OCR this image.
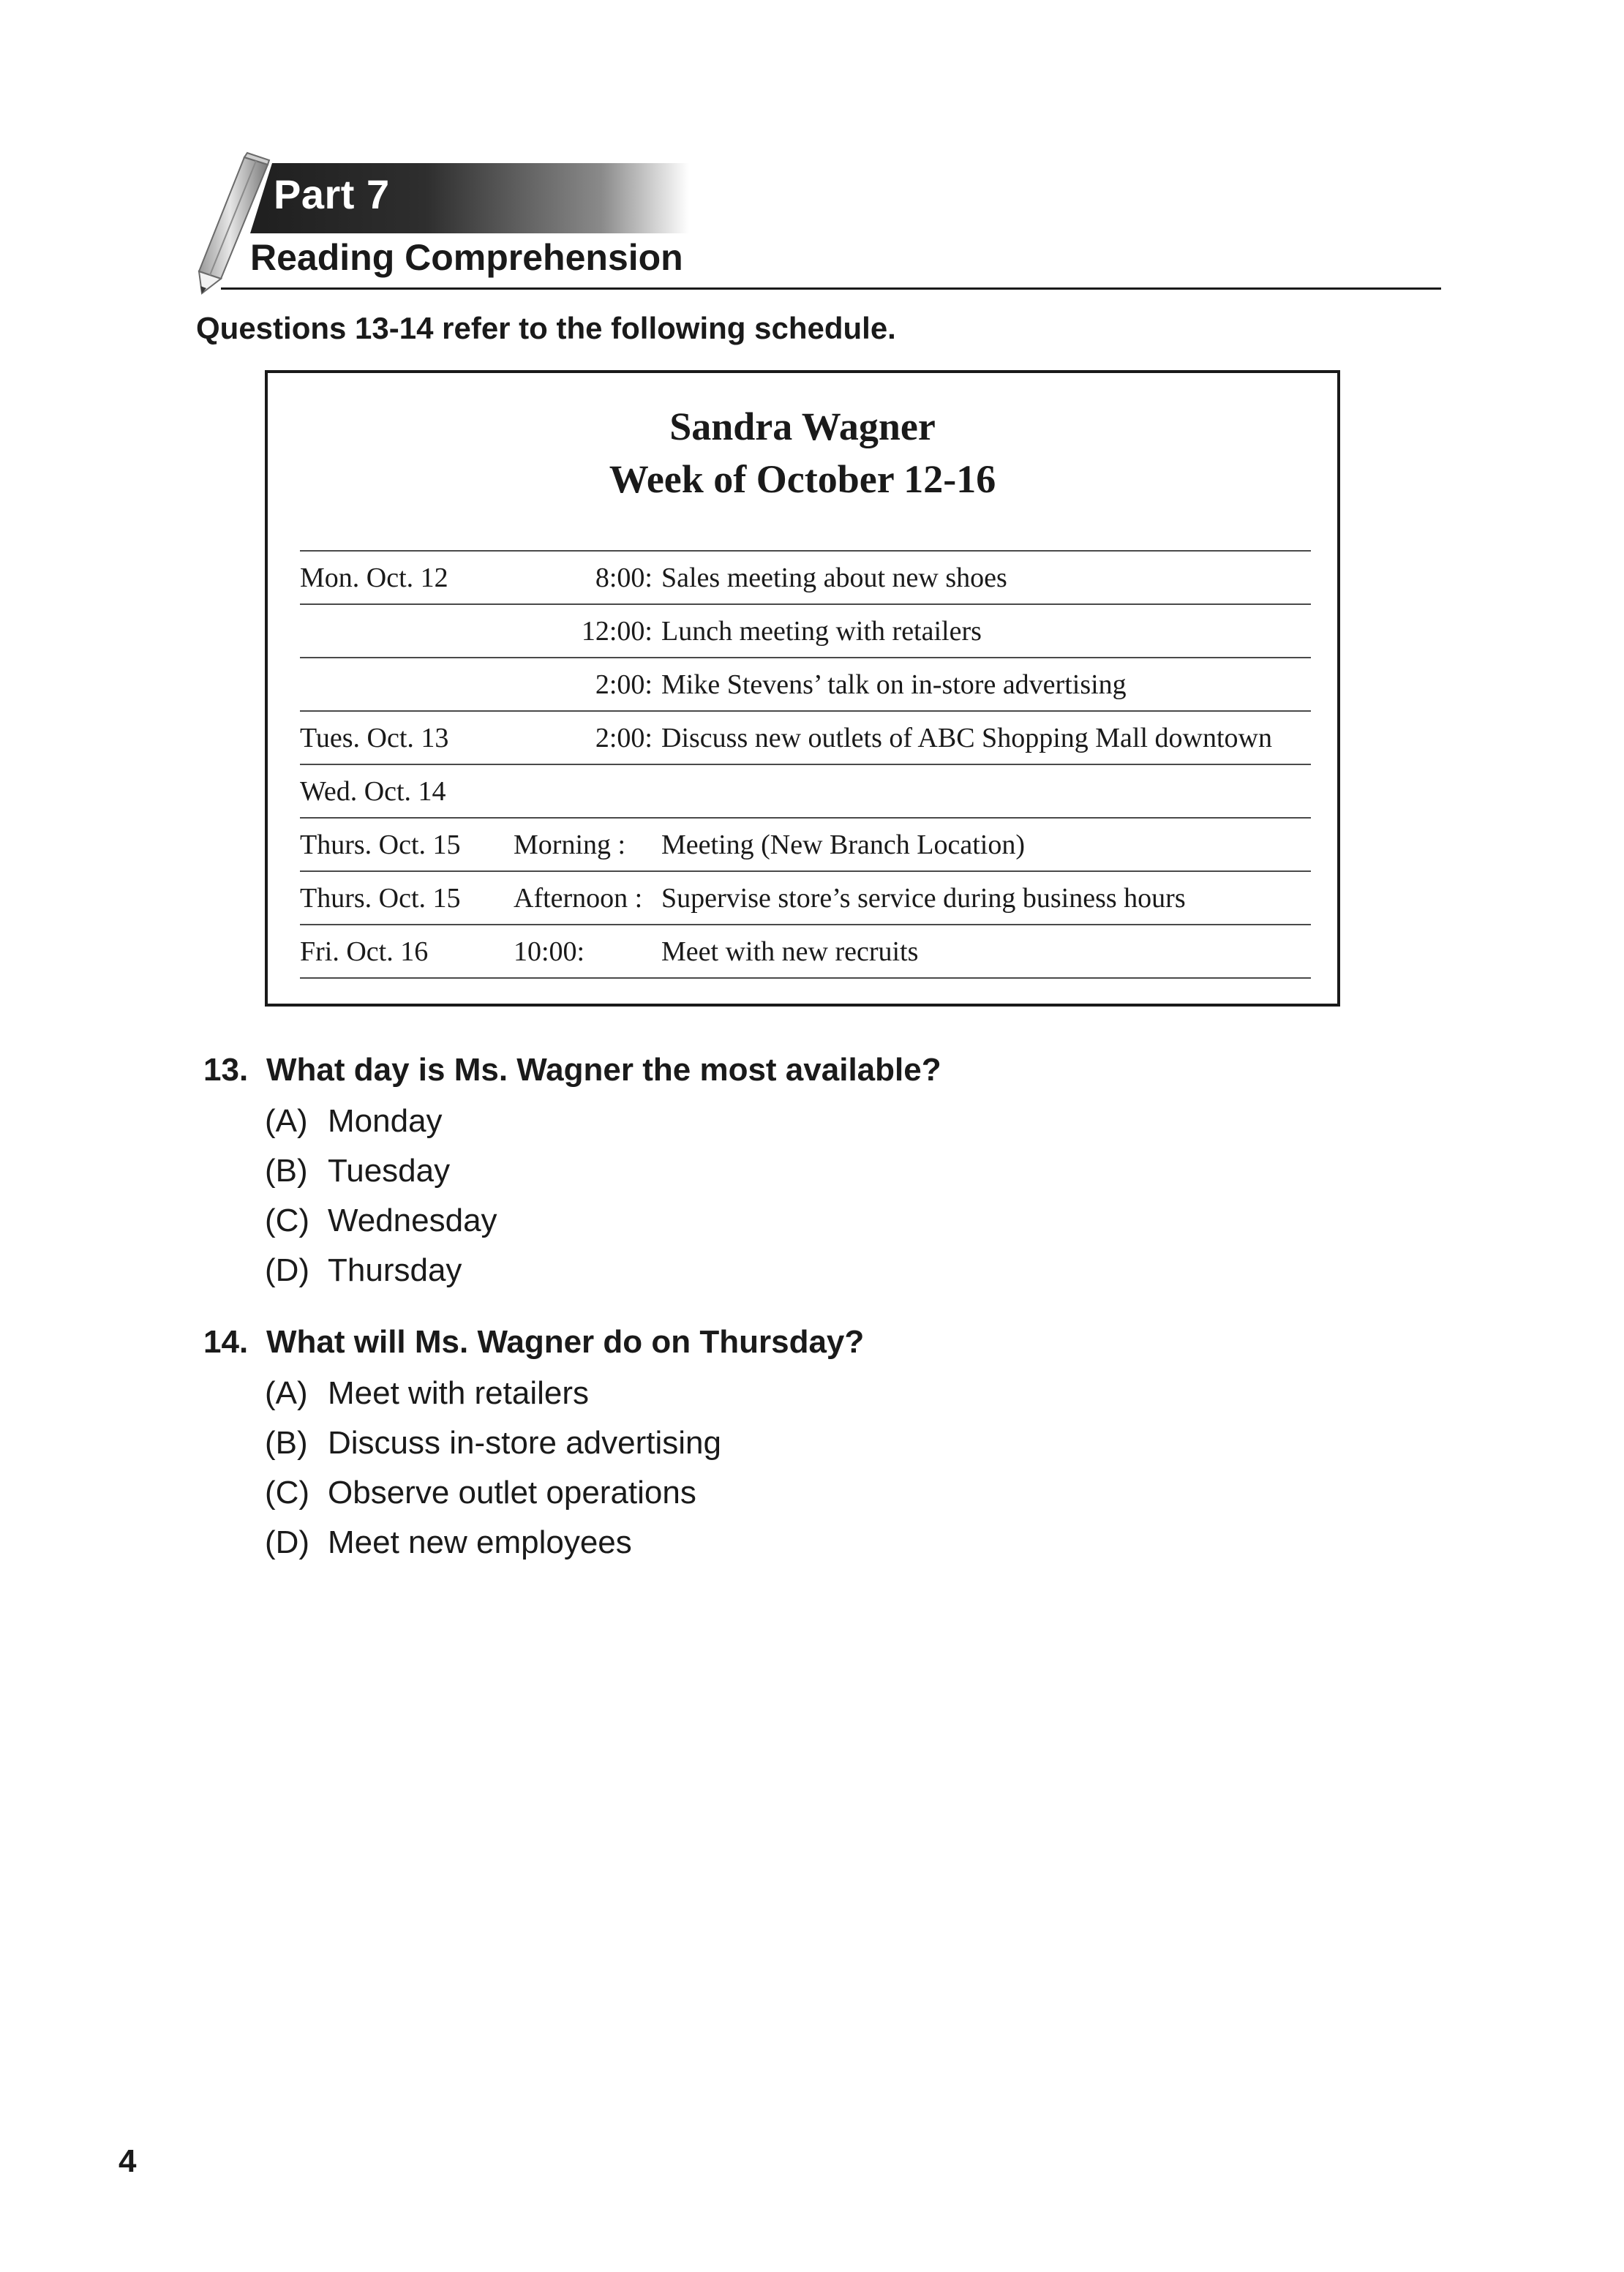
Part 7
Reading Comprehension
Questions 13-14 refer to the following schedule.
Sandra Wagner
Week of October 12-16
Mon. Oct. 12	8:00:	Sales meeting about new shoes
	12:00:	Lunch meeting with retailers
	2:00:	Mike Stevens’ talk on in-store advertising
Tues. Oct. 13	2:00:	Discuss new outlets of ABC Shopping Mall downtown
Wed. Oct. 14		
Thurs. Oct. 15	Morning :	Meeting (New Branch Location)
Thurs. Oct. 15	Afternoon :	Supervise store’s service during business hours
Fri. Oct. 16	10:00:	Meet with new recruits
13. What day is Ms. Wagner the most available?
(A) Monday
(B) Tuesday
(C) Wednesday
(D) Thursday
14. What will Ms. Wagner do on Thursday?
(A) Meet with retailers
(B) Discuss in-store advertising
(C) Observe outlet operations
(D) Meet new employees
4
